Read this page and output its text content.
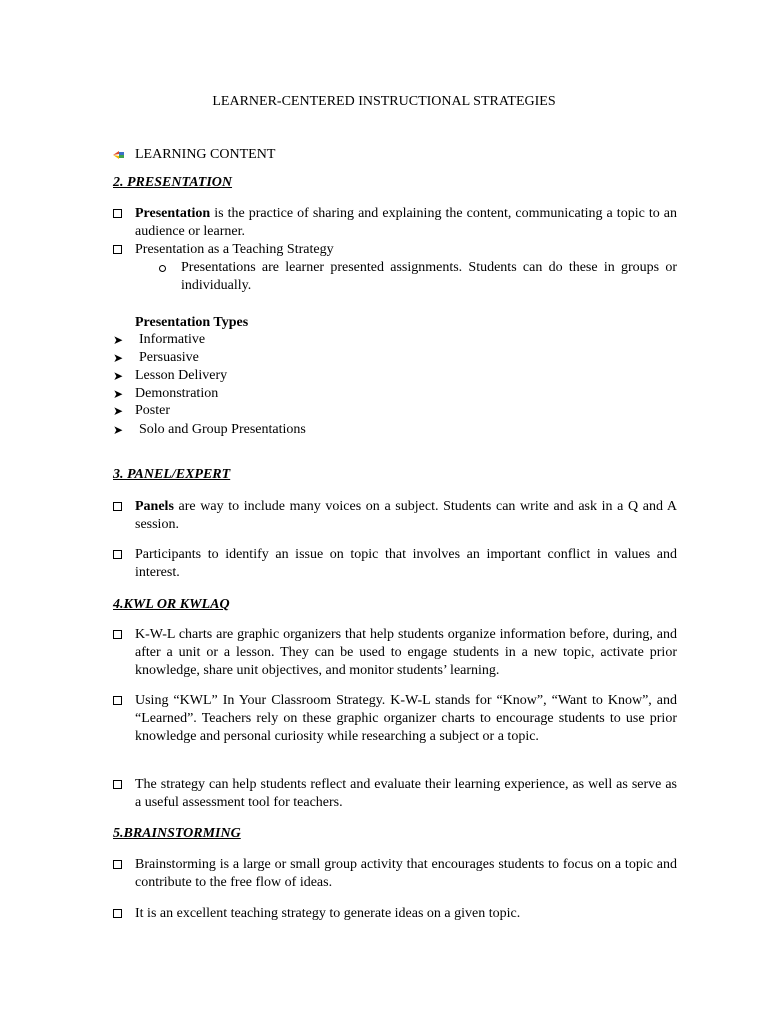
LEARNER-CENTERED INSTRUCTIONAL STRATEGIES
LEARNING CONTENT
2. PRESENTATION
Presentation is the practice of sharing and explaining the content, communicating a topic to an audience or learner.
Presentation as a Teaching Strategy
Presentations are learner presented assignments. Students can do these in groups or individually.
Presentation Types
➤ Informative
➤ Persuasive
➤ Lesson Delivery
➤ Demonstration
➤ Poster
➤ Solo and Group Presentations
3. PANEL/EXPERT
Panels are way to include many voices on a subject. Students can write and ask in a Q and A session.
Participants to identify an issue on topic that involves an important conflict in values and interest.
4.KWL OR KWLAQ
K-W-L charts are graphic organizers that help students organize information before, during, and after a unit or a lesson. They can be used to engage students in a new topic, activate prior knowledge, share unit objectives, and monitor students’ learning.
Using “KWL” In Your Classroom Strategy. K-W-L stands for “Know”, “Want to Know”, and “Learned”. Teachers rely on these graphic organizer charts to encourage students to use prior knowledge and personal curiosity while researching a subject or a topic.
The strategy can help students reflect and evaluate their learning experience, as well as serve as a useful assessment tool for teachers.
5.BRAINSTORMING
Brainstorming is a large or small group activity that encourages students to focus on a topic and contribute to the free flow of ideas.
It is an excellent teaching strategy to generate ideas on a given topic.
